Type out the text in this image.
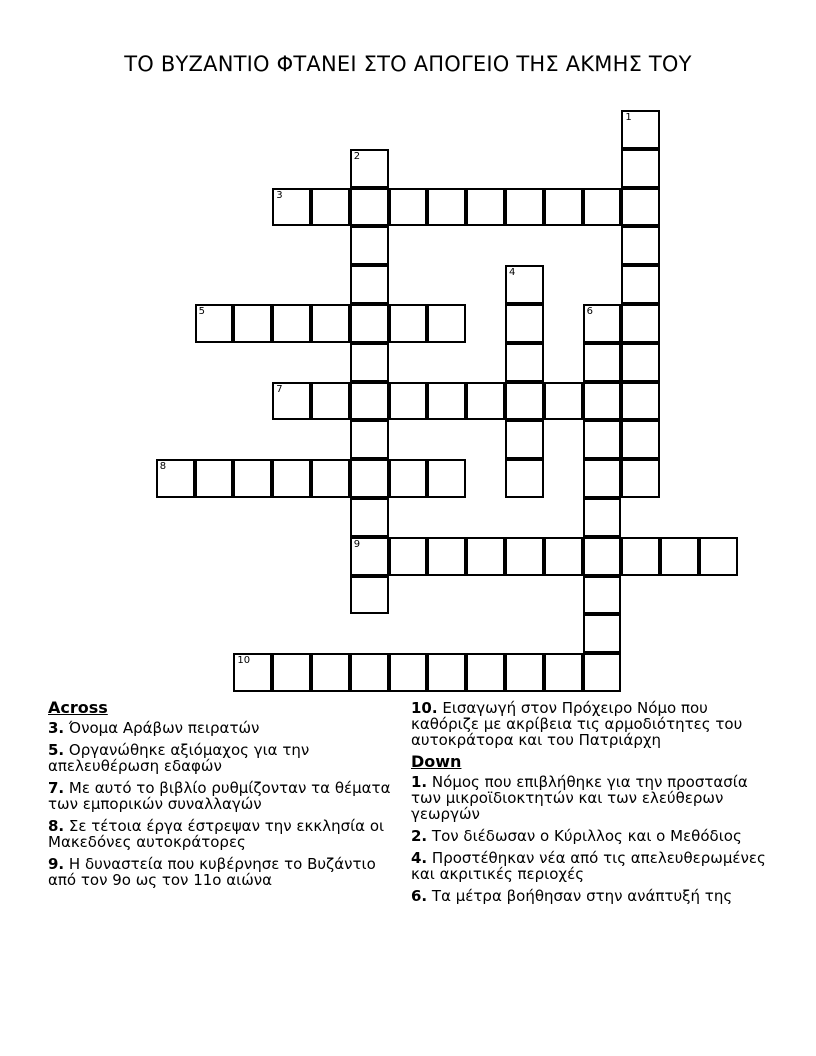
ΤΟ ΒΥΖΑΝΤΙΟ ΦΤΑΝΕΙ ΣΤΟ ΑΠΟΓΕΙΟ ΤΗΣ ΑΚΜΗΣ ΤΟΥ
1
2
9
3
4
5	6
7
8
10
Across
3. Όνομα Αράβων πειρατών
5. Οργανώθηκε αξιόμαχος για την απελευθέρωση εδαφών
7. Με αυτό το βιβλίο ρυθμίζονταν τα θέματα των εμπορικών συναλλαγών
8. Σε τέτοια έργα έστρεψαν την εκκλησία οι Μακεδόνες αυτοκράτορες
9. Η δυναστεία που κυβέρνησε το Βυζάντιο από τον 9ο ως τον 11ο αιώνα
10. Εισαγωγή στον Πρόχειρο Νόμο που καθόριζε με ακρίβεια τις αρμοδιότητες του αυτοκράτορα και του Πατριάρχη
Down
1. Νόμος που επιβλήθηκε για την προστασία των μικροϊδιοκτητών και των ελεύθερων γεωργών
2. Τον διέδωσαν ο Κύριλλος και ο Μεθόδιος
4. Προστέθηκαν νέα από τις απελευθερωμένες και ακριτικές περιοχές
6. Τα μέτρα βοήθησαν στην ανάπτυξή της
